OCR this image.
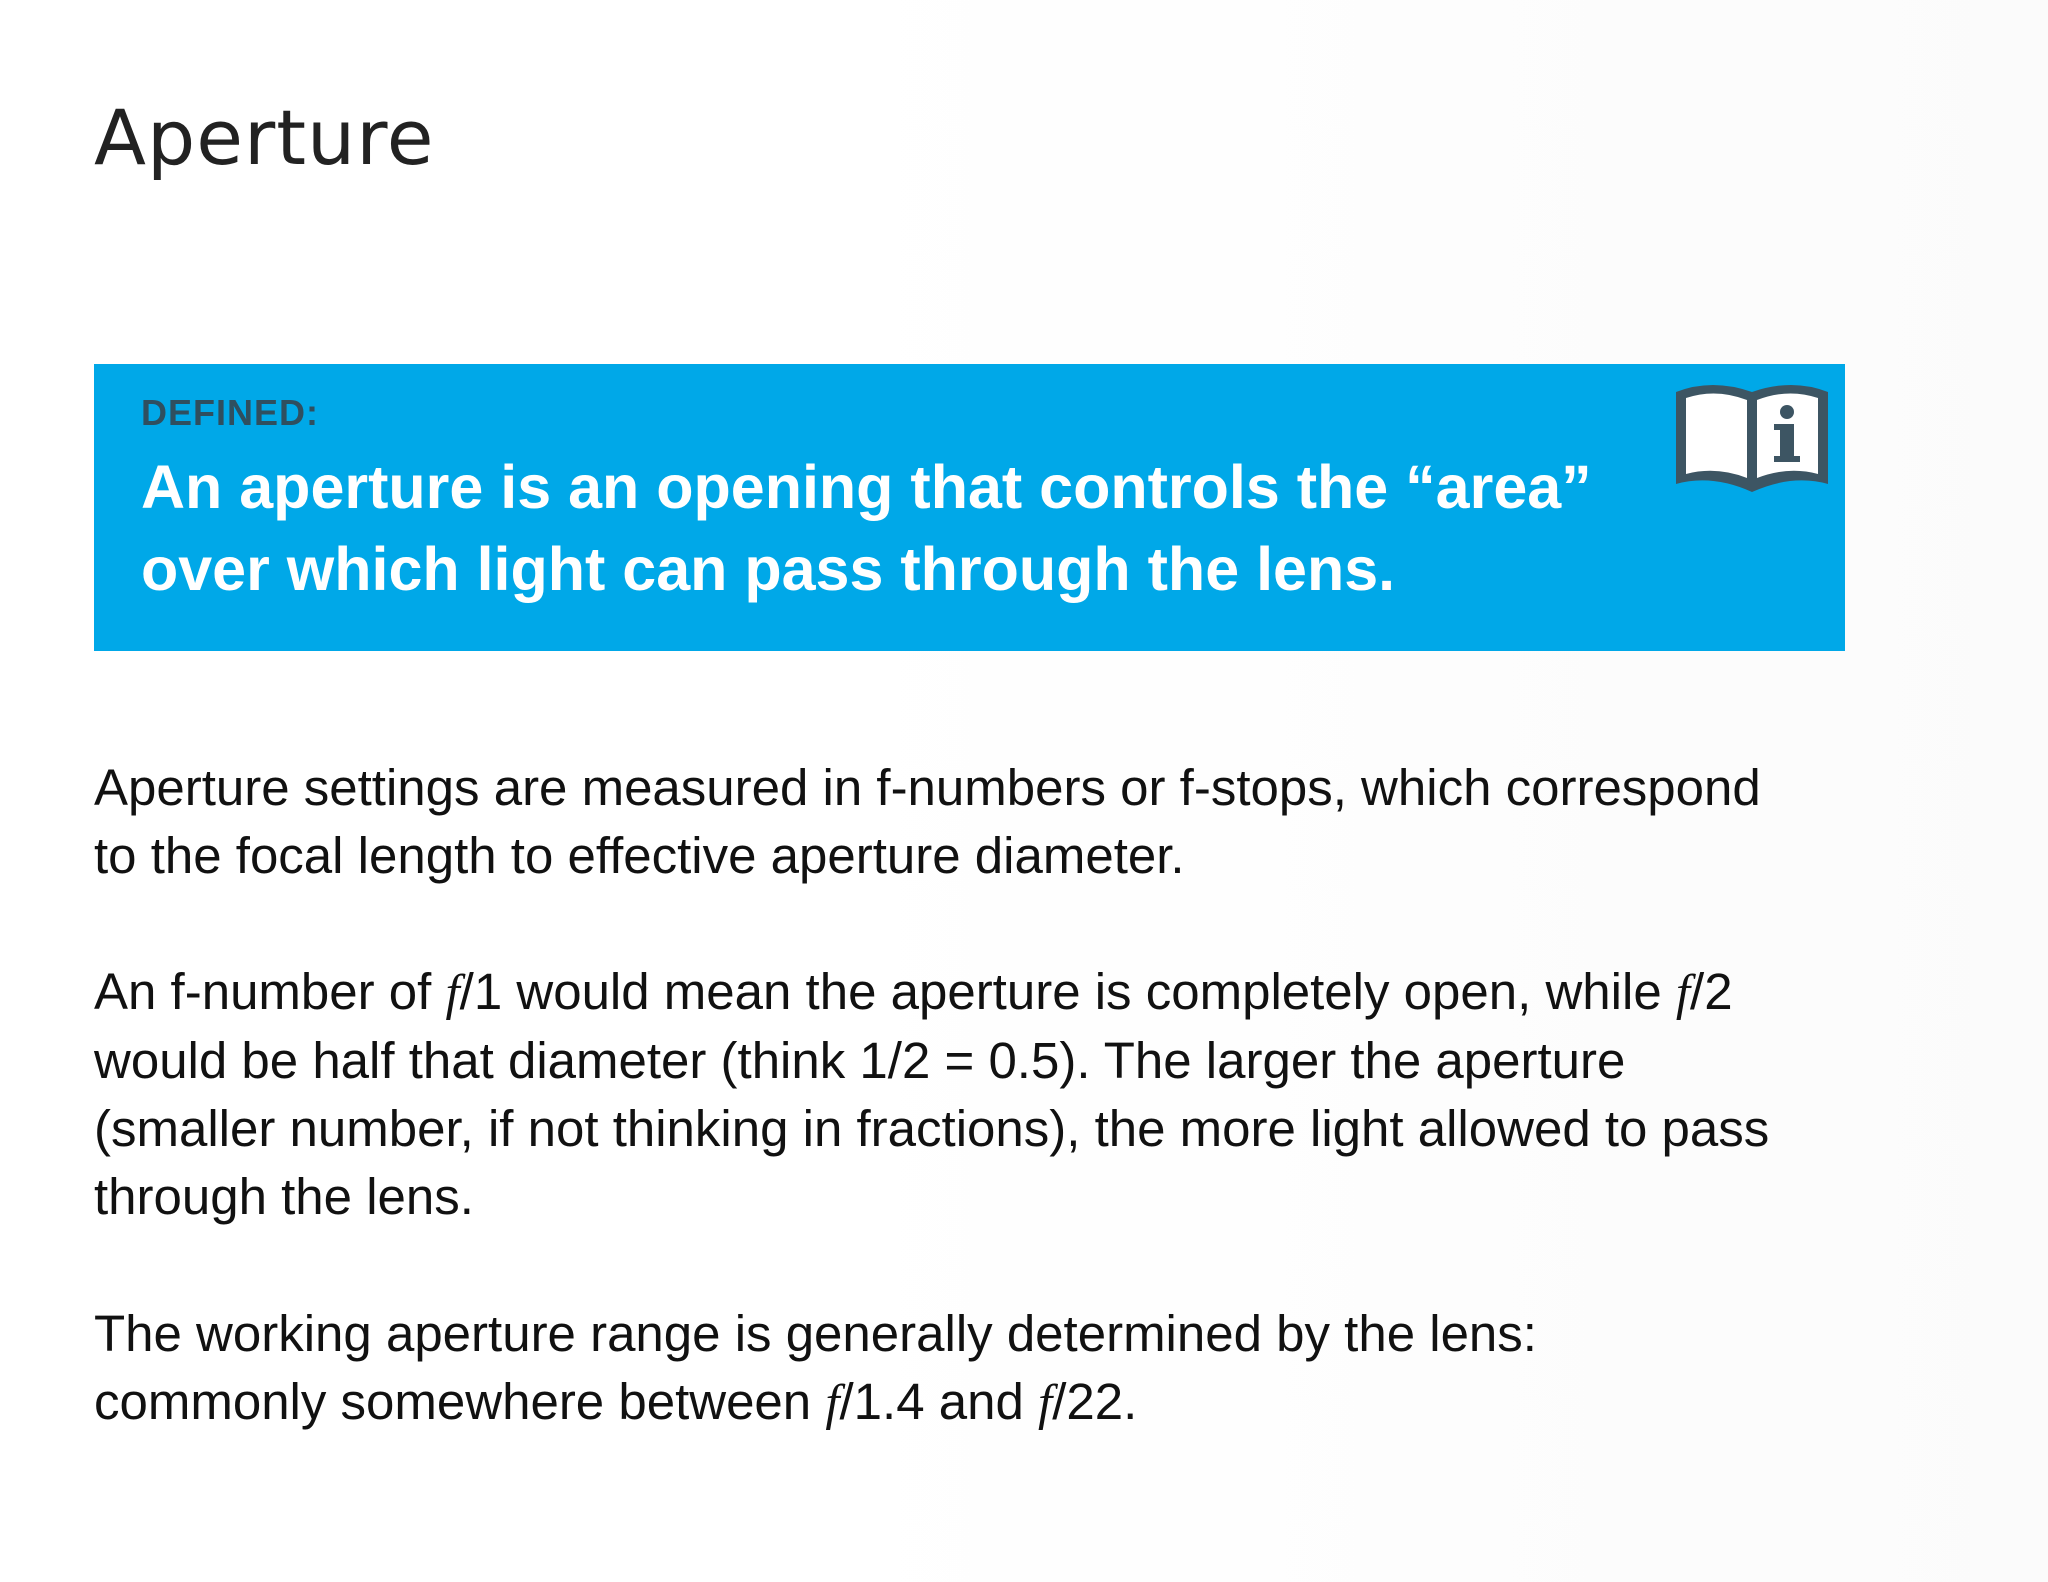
Aperture
DEFINED:
An aperture is an opening that controls the “area” over which light can pass through the lens.

Aperture settings are measured in f-numbers or f-stops, which correspond to the focal length to effective aperture diameter.

An f-number of f/1 would mean the aperture is completely open, while f/2 would be half that diameter (think 1/2 = 0.5). The larger the aperture (smaller number, if not thinking in fractions), the more light allowed to pass through the lens.

The working aperture range is generally determined by the lens: commonly somewhere between f/1.4 and f/22.
